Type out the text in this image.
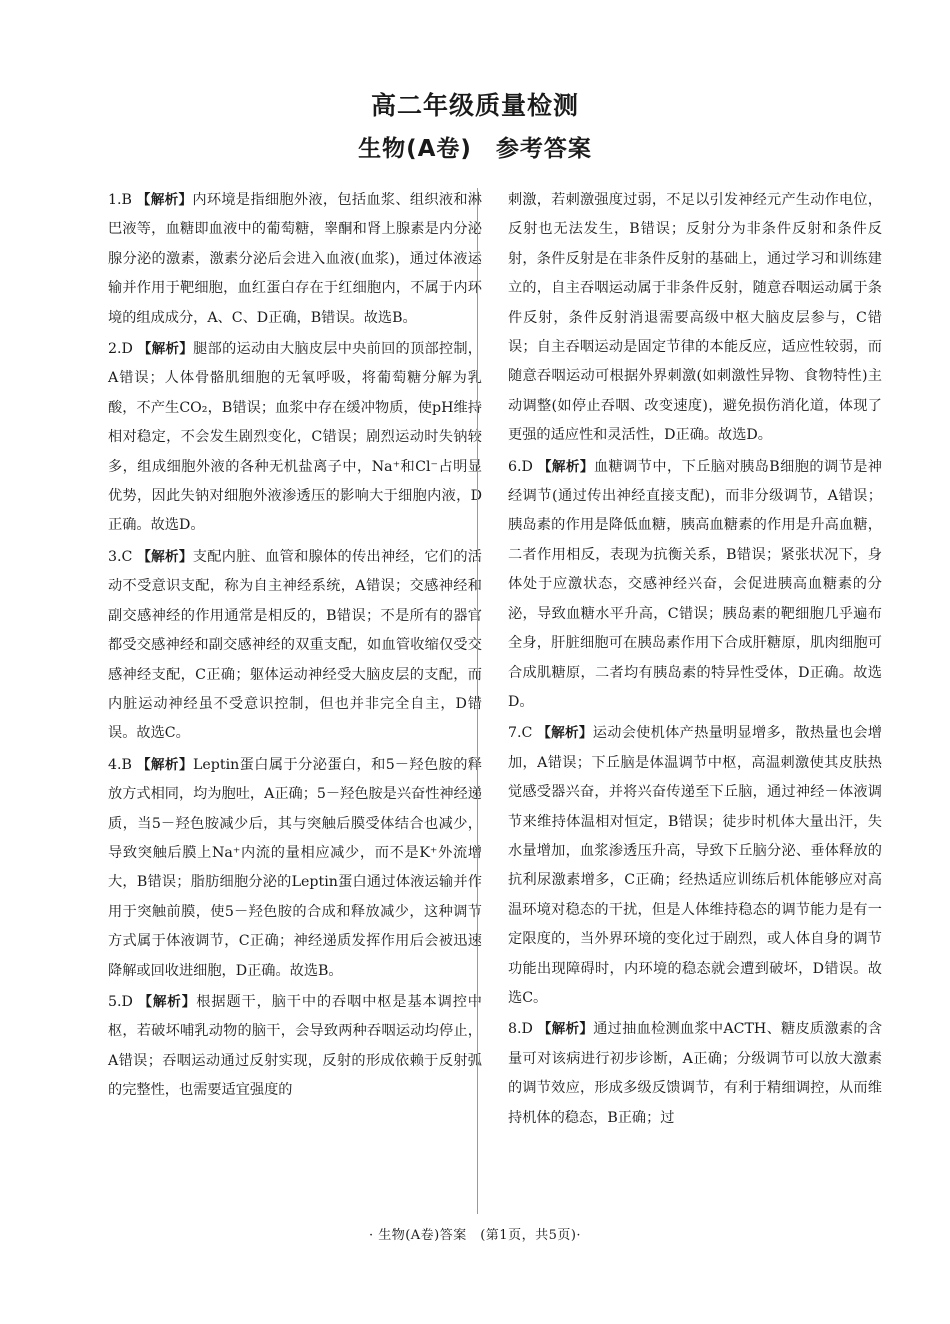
高二年级质量检测
生物(A卷)　参考答案

1.B 【解析】内环境是指细胞外液，包括血浆、组织液和淋巴液等，血糖即血液中的葡萄糖，睾酮和肾上腺素是内分泌腺分泌的激素，激素分泌后会进入血液(血浆)，通过体液运输并作用于靶细胞，血红蛋白存在于红细胞内，不属于内环境的组成成分，A、C、D正确，B错误。故选B。

2.D 【解析】腿部的运动由大脑皮层中央前回的顶部控制，A错误；人体骨骼肌细胞的无氧呼吸，将葡萄糖分解为乳酸，不产生CO₂，B错误；血浆中存在缓冲物质，使pH维持相对稳定，不会发生剧烈变化，C错误；剧烈运动时失钠较多，组成细胞外液的各种无机盐离子中，Na⁺和Cl⁻占明显优势，因此失钠对细胞外液渗透压的影响大于细胞内液，D正确。故选D。

3.C 【解析】支配内脏、血管和腺体的传出神经，它们的活动不受意识支配，称为自主神经系统，A错误；交感神经和副交感神经的作用通常是相反的，B错误；不是所有的器官都受交感神经和副交感神经的双重支配，如血管收缩仅受交感神经支配，C正确；躯体运动神经受大脑皮层的支配，而内脏运动神经虽不受意识控制，但也并非完全自主，D错误。故选C。

4.B 【解析】Leptin蛋白属于分泌蛋白，和5－羟色胺的释放方式相同，均为胞吐，A正确；5－羟色胺是兴奋性神经递质，当5－羟色胺减少后，其与突触后膜受体结合也减少，导致突触后膜上Na⁺内流的量相应减少，而不是K⁺外流增大，B错误；脂肪细胞分泌的Leptin蛋白通过体液运输并作用于突触前膜，使5－羟色胺的合成和释放减少，这种调节方式属于体液调节，C正确；神经递质发挥作用后会被迅速降解或回收进细胞，D正确。故选B。

5.D 【解析】根据题干，脑干中的吞咽中枢是基本调控中枢，若破坏哺乳动物的脑干，会导致两种吞咽运动均停止，A错误；吞咽运动通过反射实现，反射的形成依赖于反射弧的完整性，也需要适宜强度的

刺激，若刺激强度过弱，不足以引发神经元产生动作电位，反射也无法发生，B错误；反射分为非条件反射和条件反射，条件反射是在非条件反射的基础上，通过学习和训练建立的，自主吞咽运动属于非条件反射，随意吞咽运动属于条件反射，条件反射消退需要高级中枢大脑皮层参与，C错误；自主吞咽运动是固定节律的本能反应，适应性较弱，而随意吞咽运动可根据外界刺激(如刺激性异物、食物特性)主动调整(如停止吞咽、改变速度)，避免损伤消化道，体现了更强的适应性和灵活性，D正确。故选D。

6.D 【解析】血糖调节中，下丘脑对胰岛B细胞的调节是神经调节(通过传出神经直接支配)，而非分级调节，A错误；胰岛素的作用是降低血糖，胰高血糖素的作用是升高血糖，二者作用相反，表现为抗衡关系，B错误；紧张状况下，身体处于应激状态，交感神经兴奋，会促进胰高血糖素的分泌，导致血糖水平升高，C错误；胰岛素的靶细胞几乎遍布全身，肝脏细胞可在胰岛素作用下合成肝糖原，肌肉细胞可合成肌糖原，二者均有胰岛素的特异性受体，D正确。故选D。

7.C 【解析】运动会使机体产热量明显增多，散热量也会增加，A错误；下丘脑是体温调节中枢，高温刺激使其皮肤热觉感受器兴奋，并将兴奋传递至下丘脑，通过神经－体液调节来维持体温相对恒定，B错误；徒步时机体大量出汗，失水量增加，血浆渗透压升高，导致下丘脑分泌、垂体释放的抗利尿激素增多，C正确；经热适应训练后机体能够应对高温环境对稳态的干扰，但是人体维持稳态的调节能力是有一定限度的，当外界环境的变化过于剧烈，或人体自身的调节功能出现障碍时，内环境的稳态就会遭到破坏，D错误。故选C。

8.D 【解析】通过抽血检测血浆中ACTH、糖皮质激素的含量可对该病进行初步诊断，A正确；分级调节可以放大激素的调节效应，形成多级反馈调节，有利于精细调控，从而维持机体的稳态，B正确；过

· 生物(A卷)答案　(第1页，共5页)·
